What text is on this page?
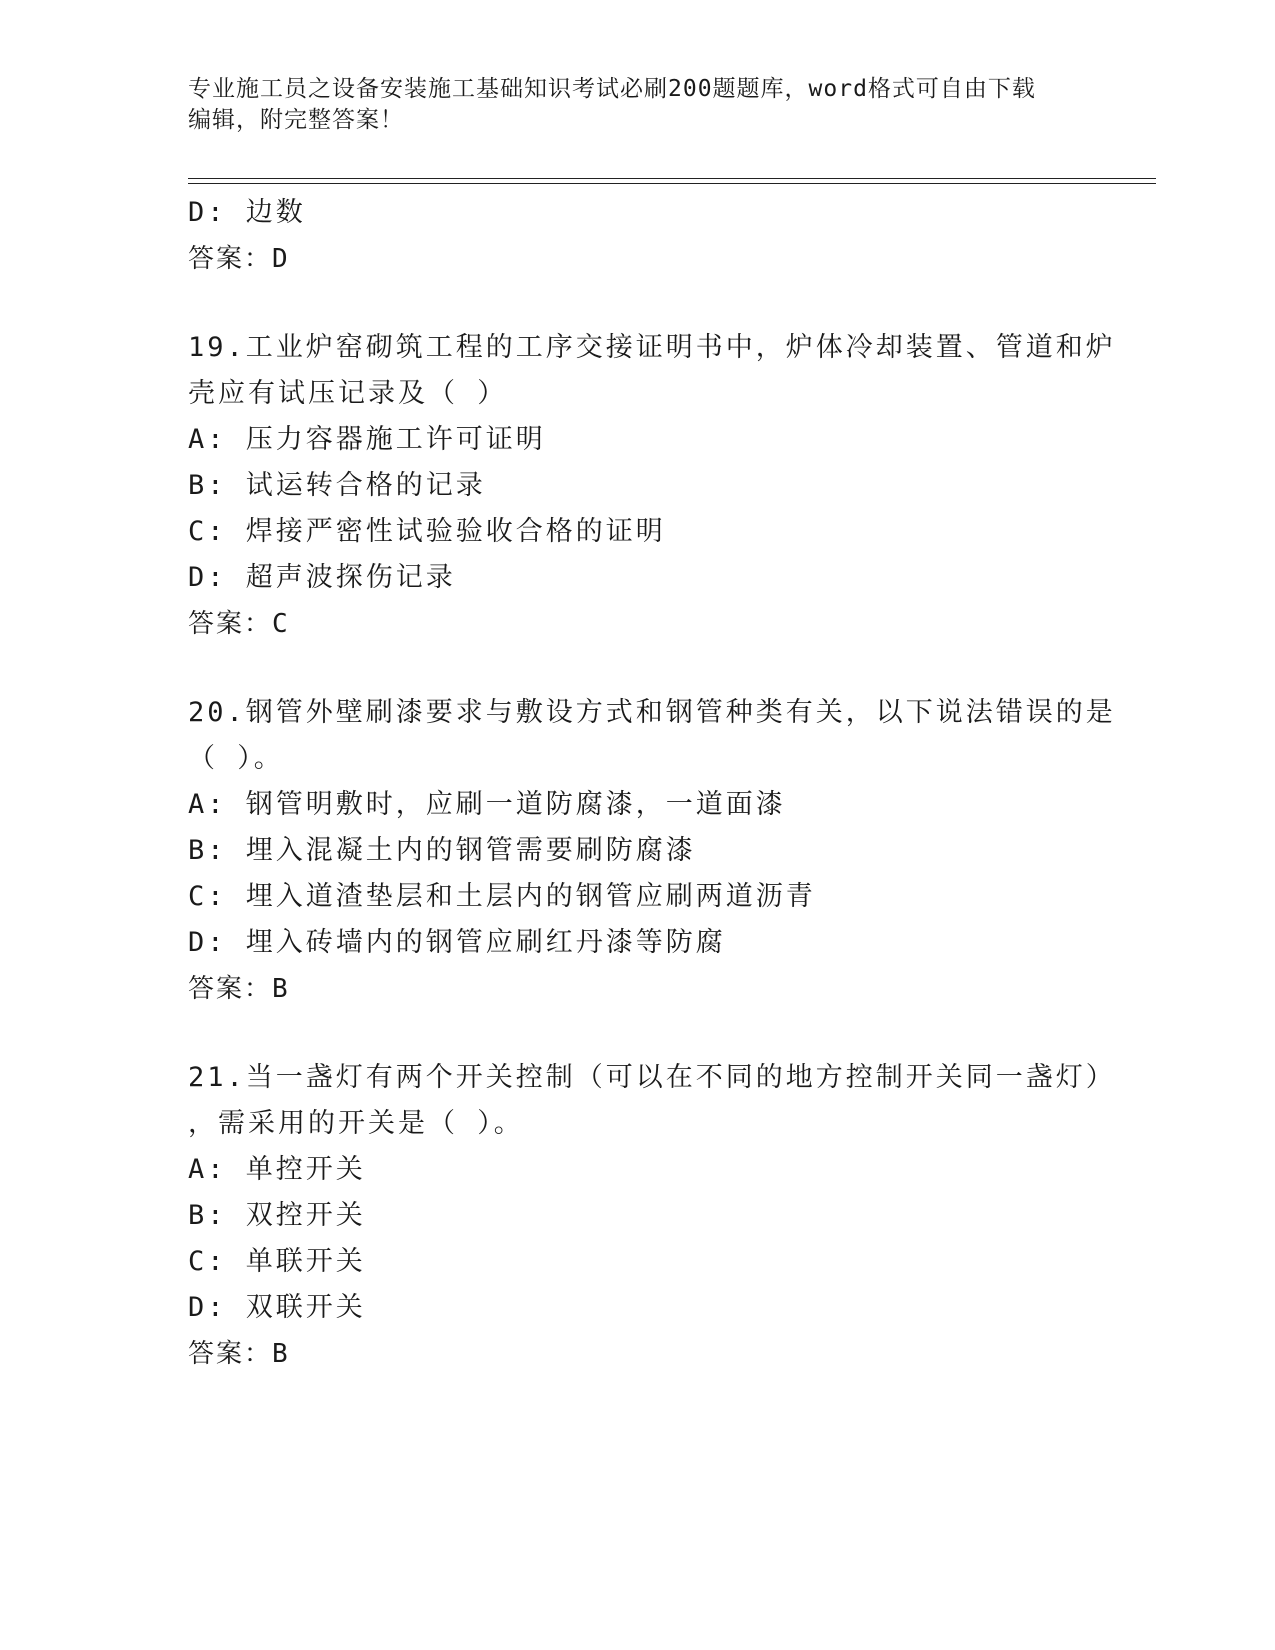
专业施工员之设备安装施工基础知识考试必刷200题题库，word格式可自由下载
编辑，附完整答案！
D: 边数
答案：D
19.工业炉窑砌筑工程的工序交接证明书中，炉体冷却装置、管道和炉
壳应有试压记录及（ ）
A: 压力容器施工许可证明
B: 试运转合格的记录
C: 焊接严密性试验验收合格的证明
D: 超声波探伤记录
答案：C
20.钢管外壁刷漆要求与敷设方式和钢管种类有关，以下说法错误的是
（ ）。
A: 钢管明敷时，应刷一道防腐漆，一道面漆
B: 埋入混凝土内的钢管需要刷防腐漆
C: 埋入道渣垫层和土层内的钢管应刷两道沥青
D: 埋入砖墙内的钢管应刷红丹漆等防腐
答案：B
21.当一盏灯有两个开关控制（可以在不同的地方控制开关同一盏灯）
，需采用的开关是（ ）。
A: 单控开关
B: 双控开关
C: 单联开关
D: 双联开关
答案：B
